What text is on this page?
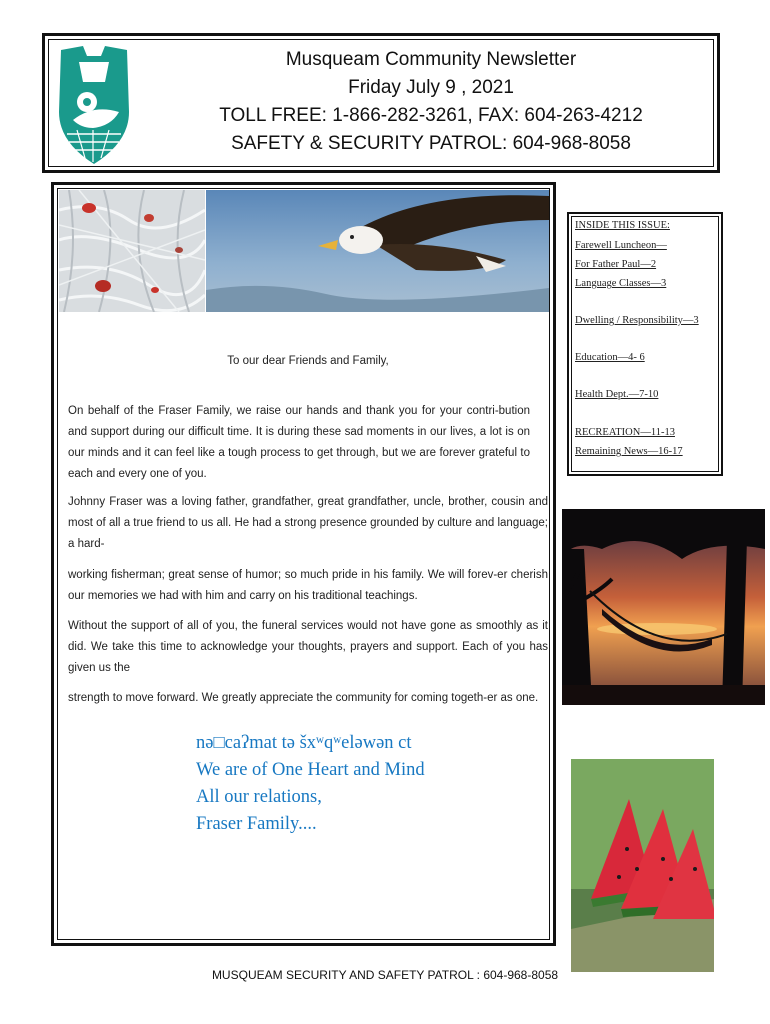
Musqueam Community Newsletter
Friday July 9 , 2021
TOLL FREE: 1-866-282-3261, FAX: 604-263-4212
SAFETY & SECURITY PATROL: 604-968-8058
To our dear Friends and Family,
On behalf of the Fraser Family, we raise our hands and thank you for your contri-bution and support during our difficult time. It is during these sad moments in our lives, a lot is on our minds and it can feel like a tough process to get through, but we are forever grateful to each and every one of you.
Johnny Fraser was a loving father, grandfather, great grandfather, uncle, brother, cousin and most of all a true friend to us all. He had a strong presence grounded by culture and language; a hard-
working fisherman; great sense of humor; so much pride in his family. We will forev-er cherish our memories we had with him and carry on his traditional teachings.
Without the support of all of you, the funeral services would not have gone as smoothly as it did. We take this time to acknowledge your thoughts, prayers and support. Each of you has given us the
strength to move forward. We greatly appreciate the community for coming togeth-er as one.
nə□caʔmat tə šxʷqʷeləwən ct
We are of One Heart and Mind
All our relations,
Fraser Family....
INSIDE THIS ISSUE:
Farewell Luncheon—
For Father Paul—2
Language Classes—3
Dwelling / Responsibility—3
Education—4- 6
Health Dept.—7-10
RECREATION—11-13
Remaining News—16-17
MUSQUEAM SECURITY AND SAFETY PATROL : 604-968-8058
